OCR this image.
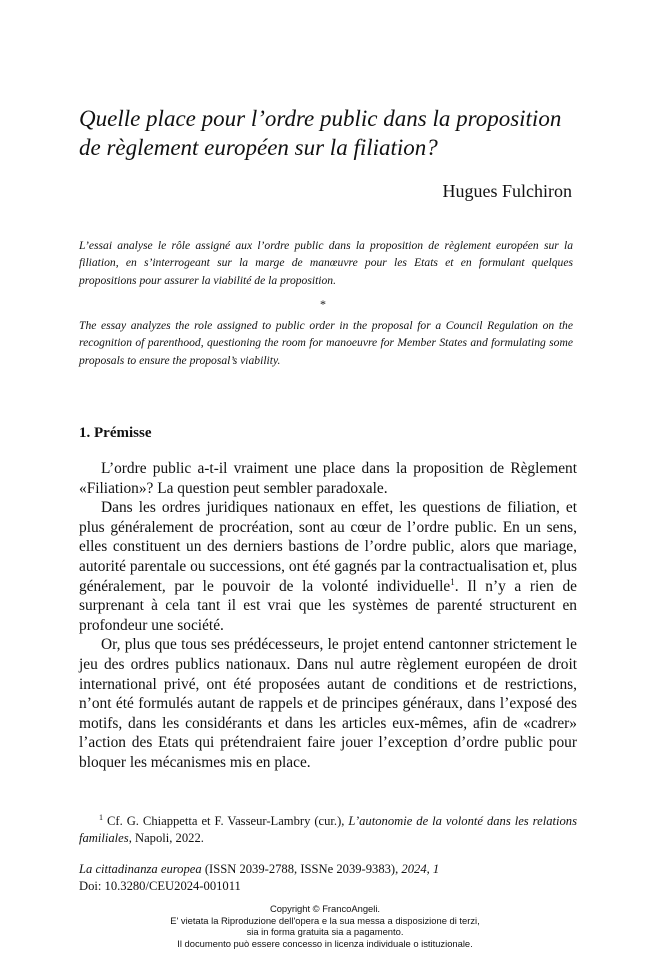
Quelle place pour l’ordre public dans la proposition de règlement européen sur la filiation?
Hugues Fulchiron

L’essai analyse le rôle assigné aux l’ordre public dans la proposition de règlement européen sur la filiation, en s’interrogeant sur la marge de manœuvre pour les Etats et en formulant quelques propositions pour assurer la viabilité de la proposition.

*

The essay analyzes the role assigned to public order in the proposal for a Council Regulation on the recognition of parenthood, questioning the room for manoeuvre for Member States and formulating some proposals to ensure the proposal’s viability.

1. Prémisse

L’ordre public a-t-il vraiment une place dans la proposition de Règlement «Filiation»? La question peut sembler paradoxale.

Dans les ordres juridiques nationaux en effet, les questions de filiation, et plus généralement de procréation, sont au cœur de l’ordre public. En un sens, elles constituent un des derniers bastions de l’ordre public, alors que mariage, autorité parentale ou successions, ont été gagnés par la contractualisation et, plus généralement, par le pouvoir de la volonté individuelle$^1$. Il n’y a rien de surprenant à cela tant il est vrai que les systèmes de parenté structurent en profondeur une société.

Or, plus que tous ses prédécesseurs, le projet entend cantonner strictement le jeu des ordres publics nationaux. Dans nul autre règlement européen de droit international privé, ont été proposées autant de conditions et de restrictions, n’ont été formulés autant de rappels et de principes généraux, dans l’exposé des motifs, dans les considérants et dans les articles eux-mêmes, afin de «cadrer» l’action des Etats qui prétendraient faire jouer l’exception d’ordre public pour bloquer les mécanismes mis en place.

$^1$ Cf. G. Chiappetta et F. Vasseur-Lambry (cur.), L’autonomie de la volonté dans les relations familiales, Napoli, 2022.

La cittadinanza europea (ISSN 2039-2788, ISSNe 2039-9383), 2024, 1
Doi: 10.3280/CEU2024-001011
Copyright © FrancoAngeli.
E' vietata la Riproduzione dell'opera e la sua messa a disposizione di terzi,
sia in forma gratuita sia a pagamento.
Il documento può essere concesso in licenza individuale o istituzionale.
